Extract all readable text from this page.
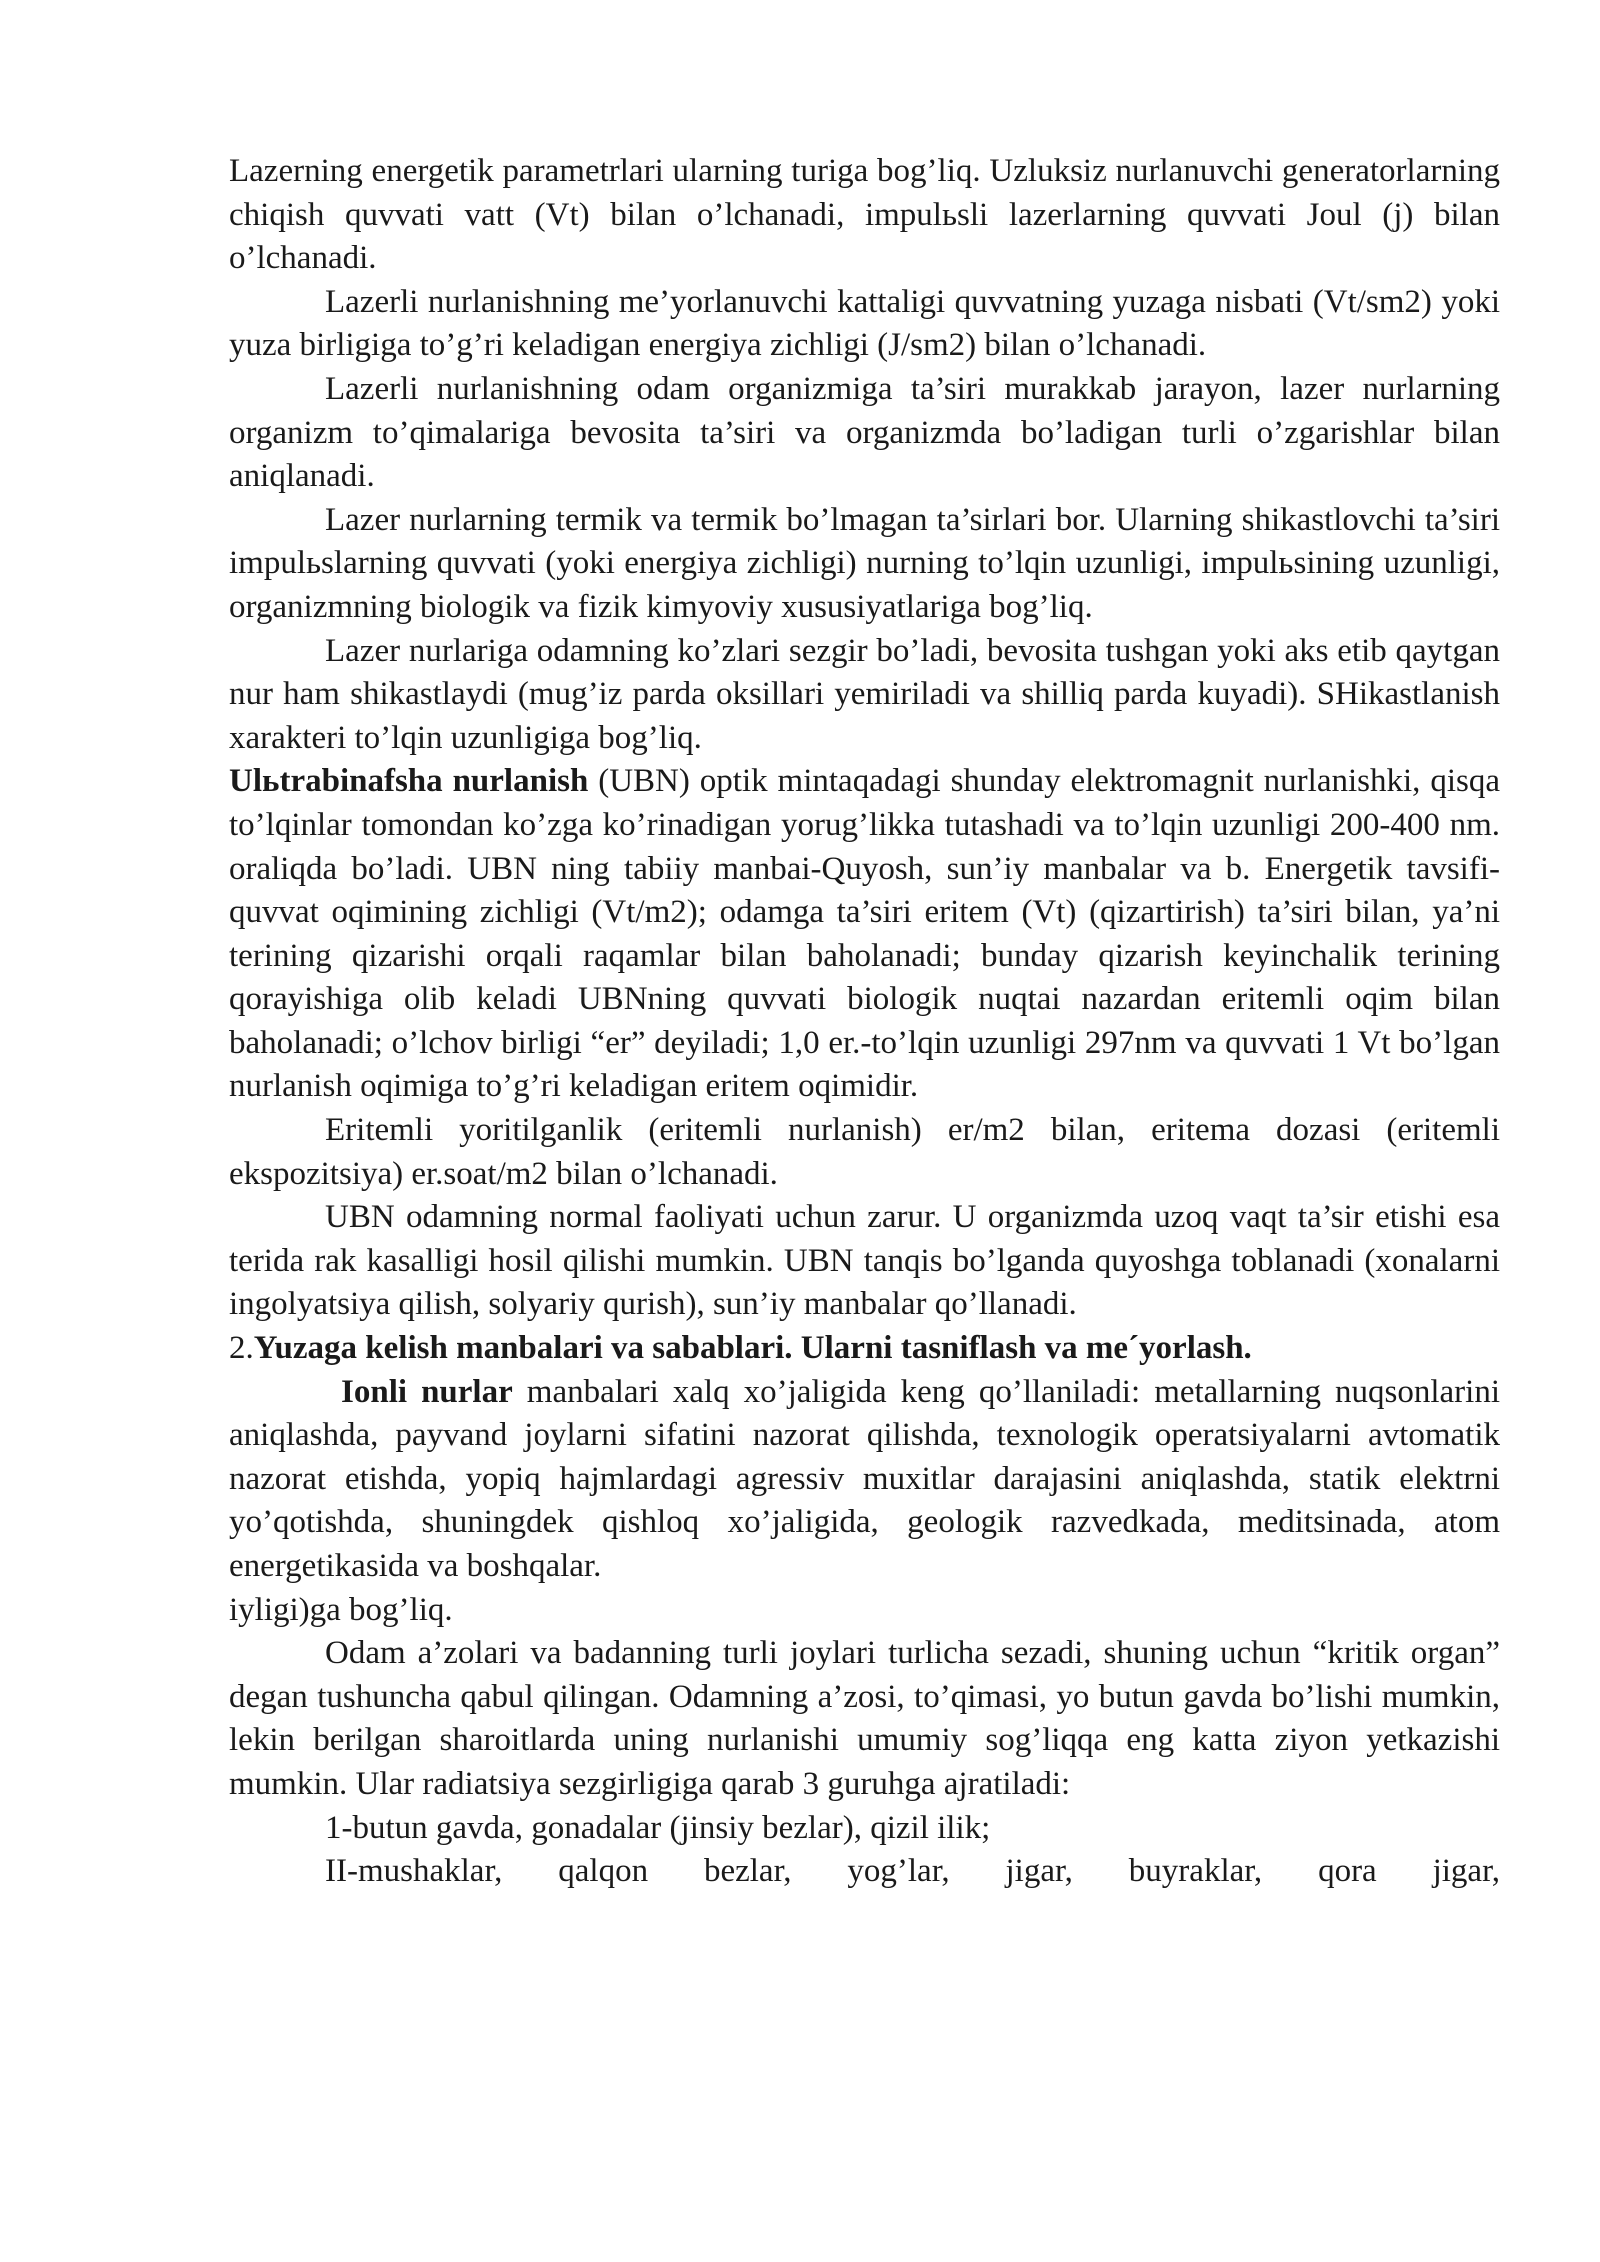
Lazerning energetik parametrlari ularning turiga bog’liq. Uzluksiz nurlanuvchi generatorlarning chiqish quvvati vatt (Vt) bilan o’lchanadi, impulьsli lazerlarning quvvati Joul (j) bilan o’lchanadi.

Lazerli nurlanishning me’yorlanuvchi kattaligi quvvatning yuzaga nisbati (Vt/sm2) yoki yuza birligiga to’g’ri keladigan energiya zichligi (J/sm2) bilan o’lchanadi.

Lazerli nurlanishning odam organizmiga ta’siri murakkab jarayon, lazer nurlarning organizm to’qimalariga bevosita ta’siri va organizmda bo’ladigan turli o’zgarishlar bilan aniqlanadi.

Lazer nurlarning termik va termik bo’lmagan ta’sirlari bor. Ularning shikastlovchi ta’siri impulьslarning quvvati (yoki energiya zichligi) nurning to’lqin uzunligi, impulьsining uzunligi, organizmning biologik va fizik kimyoviy xususiyatlariga bog’liq.

Lazer nurlariga odamning ko’zlari sezgir bo’ladi, bevosita tushgan yoki aks etib qaytgan nur ham shikastlaydi (mug’iz parda oksillari yemiriladi va shilliq parda kuyadi). SHikastlanish xarakteri to’lqin uzunligiga bog’liq.

Ulьtrabinafsha nurlanish (UBN) optik mintaqadagi shunday elektromagnit nurlanishki, qisqa to’lqinlar tomondan ko’zga ko’rinadigan yorug’likka tutashadi va to’lqin uzunligi 200-400 nm. oraliqda bo’ladi. UBN ning tabiiy manbai-Quyosh, sun’iy manbalar va b. Energetik tavsifi-quvvat oqimining zichligi (Vt/m2); odamga ta’siri eritem (Vt) (qizartirish) ta’siri bilan, ya’ni terining qizarishi orqali raqamlar bilan baholanadi; bunday qizarish keyinchalik terining qorayishiga olib keladi UBNning quvvati biologik nuqtai nazardan eritemli oqim bilan baholanadi; o’lchov birligi “er” deyiladi; 1,0 er.-to’lqin uzunligi 297nm va quvvati 1 Vt bo’lgan nurlanish oqimiga to’g’ri keladigan eritem oqimidir.

Eritemli yoritilganlik (eritemli nurlanish) er/m2 bilan, eritema dozasi (eritemli ekspozitsiya) er.soat/m2 bilan o’lchanadi.

UBN odamning normal faoliyati uchun zarur. U organizmda uzoq vaqt ta’sir etishi esa terida rak kasalligi hosil qilishi mumkin. UBN tanqis bo’lganda quyoshga toblanadi (xonalarni ingolyatsiya qilish, solyariy qurish), sun’iy manbalar qo’llanadi.

2.Yuzaga kelish manbalari va sabablari. Ularni tasniflash va me´yorlash.

Ionli nurlar manbalari xalq xo’jaligida keng qo’llaniladi: metallarning nuqsonlarini aniqlashda, payvand joylarni sifatini nazorat qilishda, texnologik operatsiyalarni avtomatik nazorat etishda, yopiq hajmlardagi agressiv muxitlar darajasini aniqlashda, statik elektrni yo’qotishda, shuningdek qishloq xo’jaligida, geologik razvedkada, meditsinada, atom energetikasida va boshqalar.

iyligi)ga bog’liq.

Odam a’zolari va badanning turli joylari turlicha sezadi, shuning uchun “kritik organ” degan tushuncha qabul qilingan. Odamning a’zosi, to’qimasi, yo butun gavda bo’lishi mumkin, lekin berilgan sharoitlarda uning nurlanishi umumiy sog’liqqa eng katta ziyon yetkazishi mumkin. Ular radiatsiya sezgirligiga qarab 3 guruhga ajratiladi:

1-butun gavda, gonadalar (jinsiy bezlar), qizil ilik;

II-mushaklar, qalqon bezlar, yog’lar, jigar, buyraklar, qora jigar,
